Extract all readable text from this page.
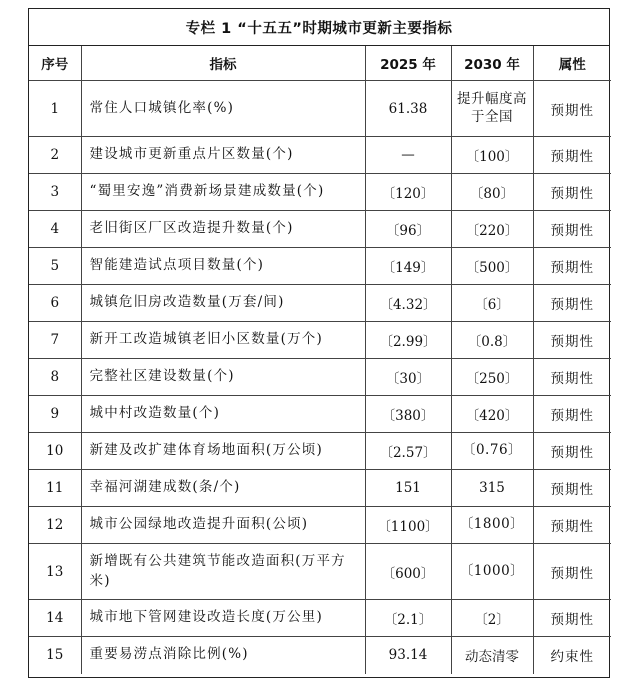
专栏 1 “十五五”时期城市更新主要指标
序号	指标	2025 年	2030 年	属性
1	常住人口城镇化率(%)	61.38	提升幅度高于全国	预期性
2	建设城市更新重点片区数量(个)	—	〔100〕	预期性
3	“蜀里安逸”消费新场景建成数量(个)	〔120〕	〔80〕	预期性
4	老旧街区厂区改造提升数量(个)	〔96〕	〔220〕	预期性
5	智能建造试点项目数量(个)	〔149〕	〔500〕	预期性
6	城镇危旧房改造数量(万套/间)	〔4.32〕	〔6〕	预期性
7	新开工改造城镇老旧小区数量(万个)	〔2.99〕	〔0.8〕	预期性
8	完整社区建设数量(个)	〔30〕	〔250〕	预期性
9	城中村改造数量(个)	〔380〕	〔420〕	预期性
10	新建及改扩建体育场地面积(万公顷)	〔2.57〕	〔0.76〕	预期性
11	幸福河湖建成数(条/个)	151	315	预期性
12	城市公园绿地改造提升面积(公顷)	〔1100〕	〔1800〕	预期性
13	新增既有公共建筑节能改造面积(万平方米)	〔600〕	〔1000〕	预期性
14	城市地下管网建设改造长度(万公里)	〔2.1〕	〔2〕	预期性
15	重要易涝点消除比例(%)	93.14	动态清零	约束性
